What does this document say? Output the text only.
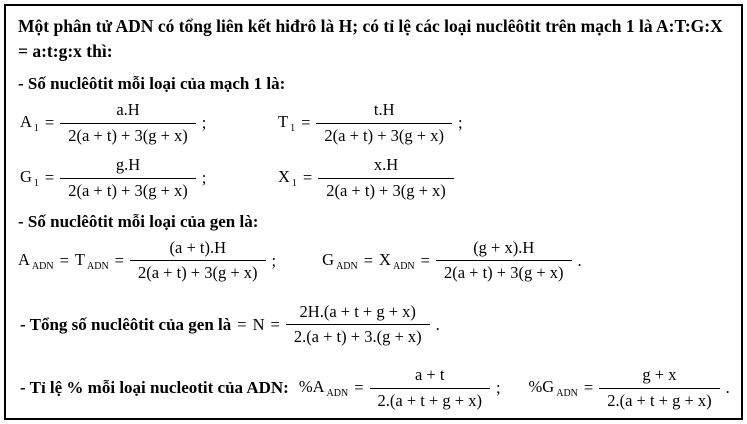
Một phân tử ADN có tổng liên kết hiđrô là H; có tỉ lệ các loại nuclêôtit trên mạch 1 là A:T:G:X = a:t:g:x thì:

- Số nuclêôtit mỗi loại của mạch 1 là:
A $_1 = \frac{a.H}{2(a + t) + 3(g + x)}$ ;	T $_1 = \frac{t.H}{2(a + t) + 3(g + x)}$ ;
G $_1 = \frac{g.H}{2(a + t) + 3(g + x)}$ ;	X $_1 = \frac{x.H}{2(a + t) + 3(g + x)}$
- Số nuclêôtit mỗi loại của gen là:
A $_{ADN}$ = T $_{ADN} = \frac{(a + t).H}{2(a + t) + 3(g + x)}$ ;	G $_{ADN}$ = X $_{ADN} = \frac{(g + x).H}{2(a + t) + 3(g + x)}$ .
- Tổng số nuclêôtit của gen là = $N = \frac{2H.(a + t + g + x)}{2.(a + t) + 3.(g + x)}$ .
- Tỉ lệ % mỗi loại nucleotit của ADN: %A $_{ADN} = \frac{a + t}{2.(a + t + g + x)}$ ; %G $_{ADN} = \frac{g + x}{2.(a + t + g + x)}$ .
